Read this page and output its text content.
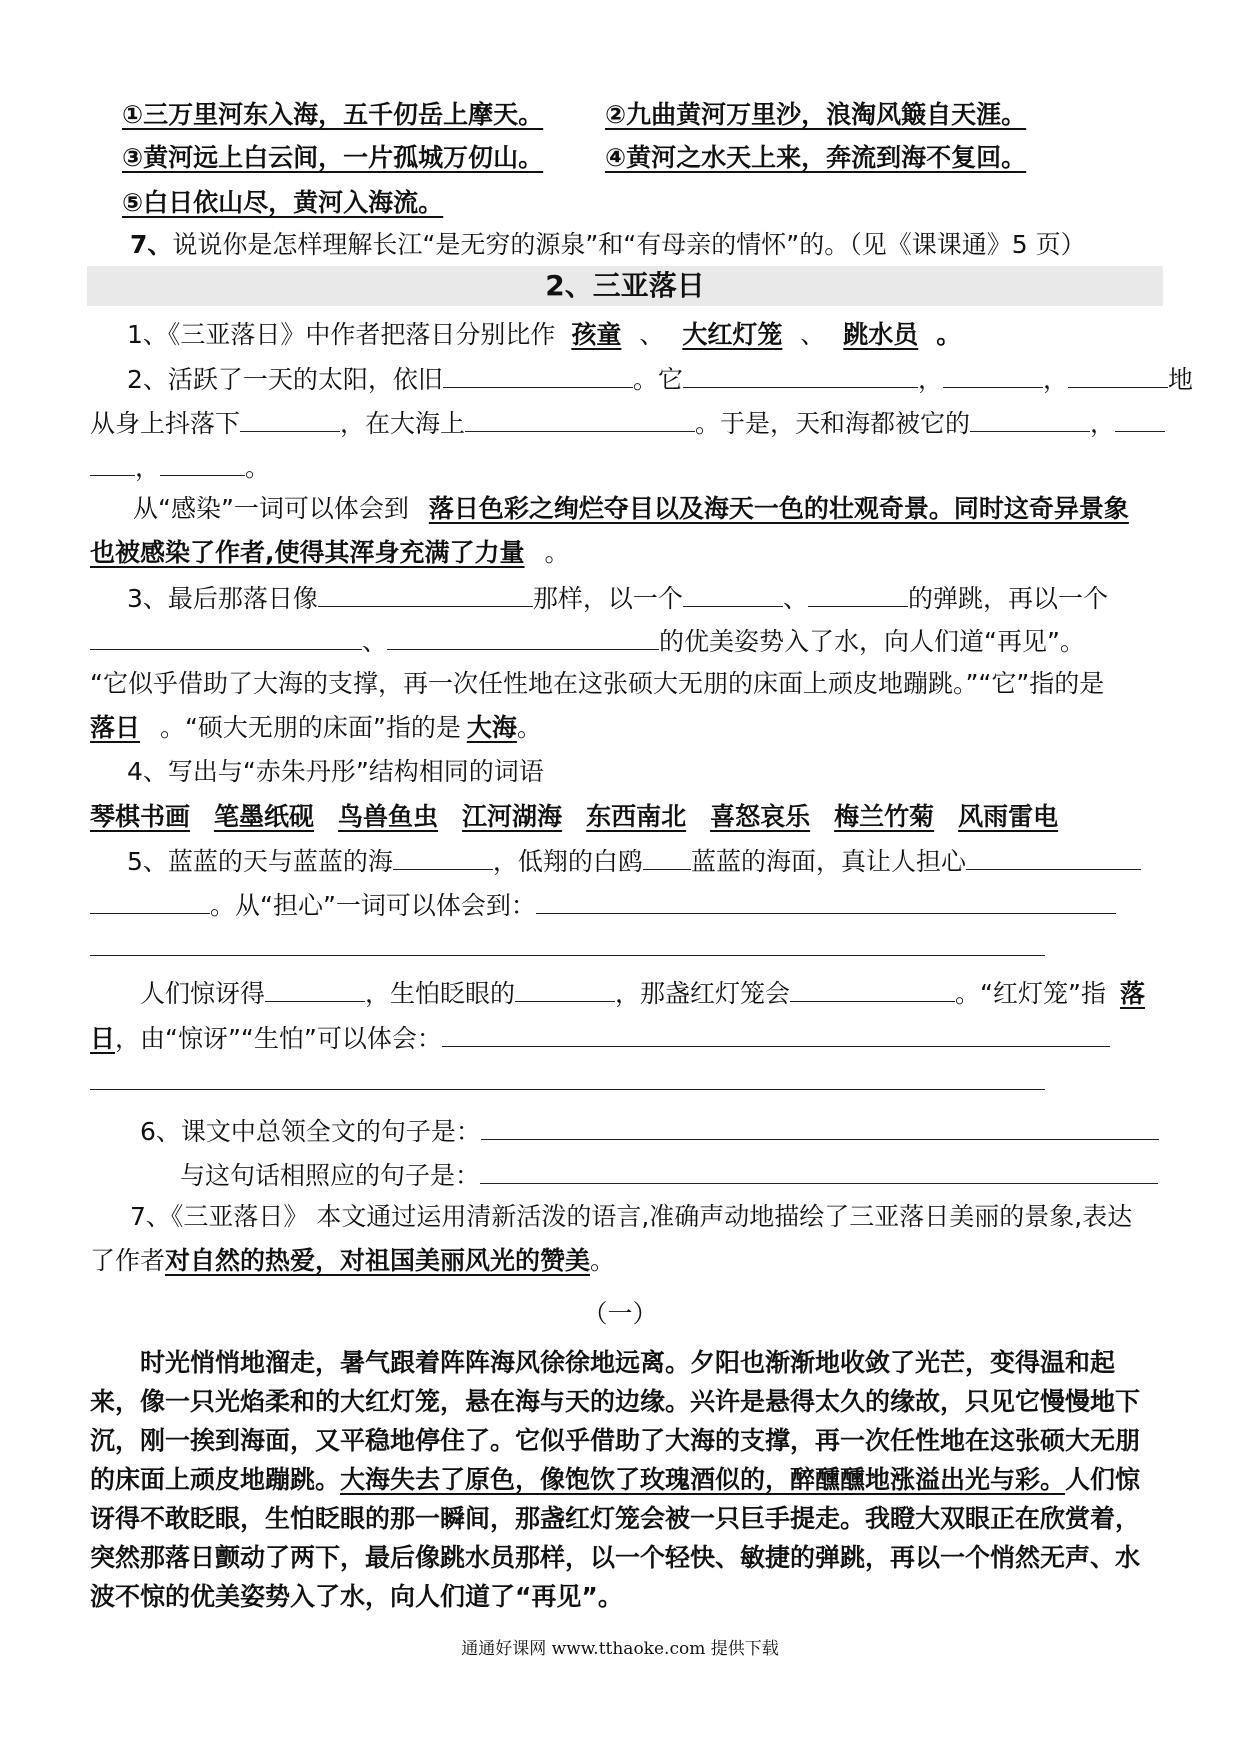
①三万里河东入海，五千仞岳上摩天。 ②九曲黄河万里沙，浪淘风簸自天涯。
③黄河远上白云间，一片孤城万仞山。 ④黄河之水天上来，奔流到海不复回。
⑤白日依山尽，黄河入海流。
7、说说你是怎样理解长江“是无穷的源泉”和“有母亲的情怀”的。（见《课课通》5 页）
2、三亚落日
1、《三亚落日》中作者把落日分别比作 孩童 、 大红灯笼 、 跳水员 。
2、活跃了一天的太阳，依旧	。它	，	，	地
从身上抖落下	，在大海上	。于是，天和海都被它的	，
，	。
从“感染”一词可以体会到 落日色彩之绚烂夺目以及海天一色的壮观奇景。同时这奇异景象
也被感染了作者,使得其浑身充满了力量 。
3、最后那落日像	那样，以一个	、	的弹跳，再以一个
、	的优美姿势入了水，向人们道“再见”。
“它似乎借助了大海的支撑，再一次任性地在这张硕大无朋的床面上顽皮地蹦跳。”“它”指的是
落日 。“硕大无朋的床面”指的是 大海。
4、写出与“赤朱丹彤”结构相同的词语
琴棋书画 笔墨纸砚 鸟兽鱼虫 江河湖海 东西南北 喜怒哀乐 梅兰竹菊 风雨雷电
5、蓝蓝的天与蓝蓝的海	，低翔的白鸥 蓝蓝的海面，真让人担心
。从“担心”一词可以体会到：
人们惊讶得	，生怕眨眼的	，那盏红灯笼会	。“红灯笼”指 落
日，由“惊讶”“生怕”可以体会：
6、课文中总领全文的句子是：
与这句话相照应的句子是：
7、《三亚落日》 本文通过运用清新活泼的语言,准确声动地描绘了三亚落日美丽的景象,表达
了作者对自然的热爱，对祖国美丽风光的赞美。
（一）
时光悄悄地溜走，暑气跟着阵阵海风徐徐地远离。夕阳也渐渐地收敛了光芒，变得温和起来，像一只光焰柔和的大红灯笼，悬在海与天的边缘。兴许是悬得太久的缘故，只见它慢慢地下沉，刚一挨到海面，又平稳地停住了。它似乎借助了大海的支撑，再一次任性地在这张硕大无朋的床面上顽皮地蹦跳。大海失去了原色，像饱饮了玫瑰酒似的，醉醺醺地涨溢出光与彩。人们惊讶得不敢眨眼，生怕眨眼的那一瞬间，那盏红灯笼会被一只巨手提走。我瞪大双眼正在欣赏着，突然那落日颤动了两下，最后像跳水员那样，以一个轻快、敏捷的弹跳，再以一个悄然无声、水波不惊的优美姿势入了水，向人们道了“再见”。
通通好课网 www.tthaoke.com 提供下载
